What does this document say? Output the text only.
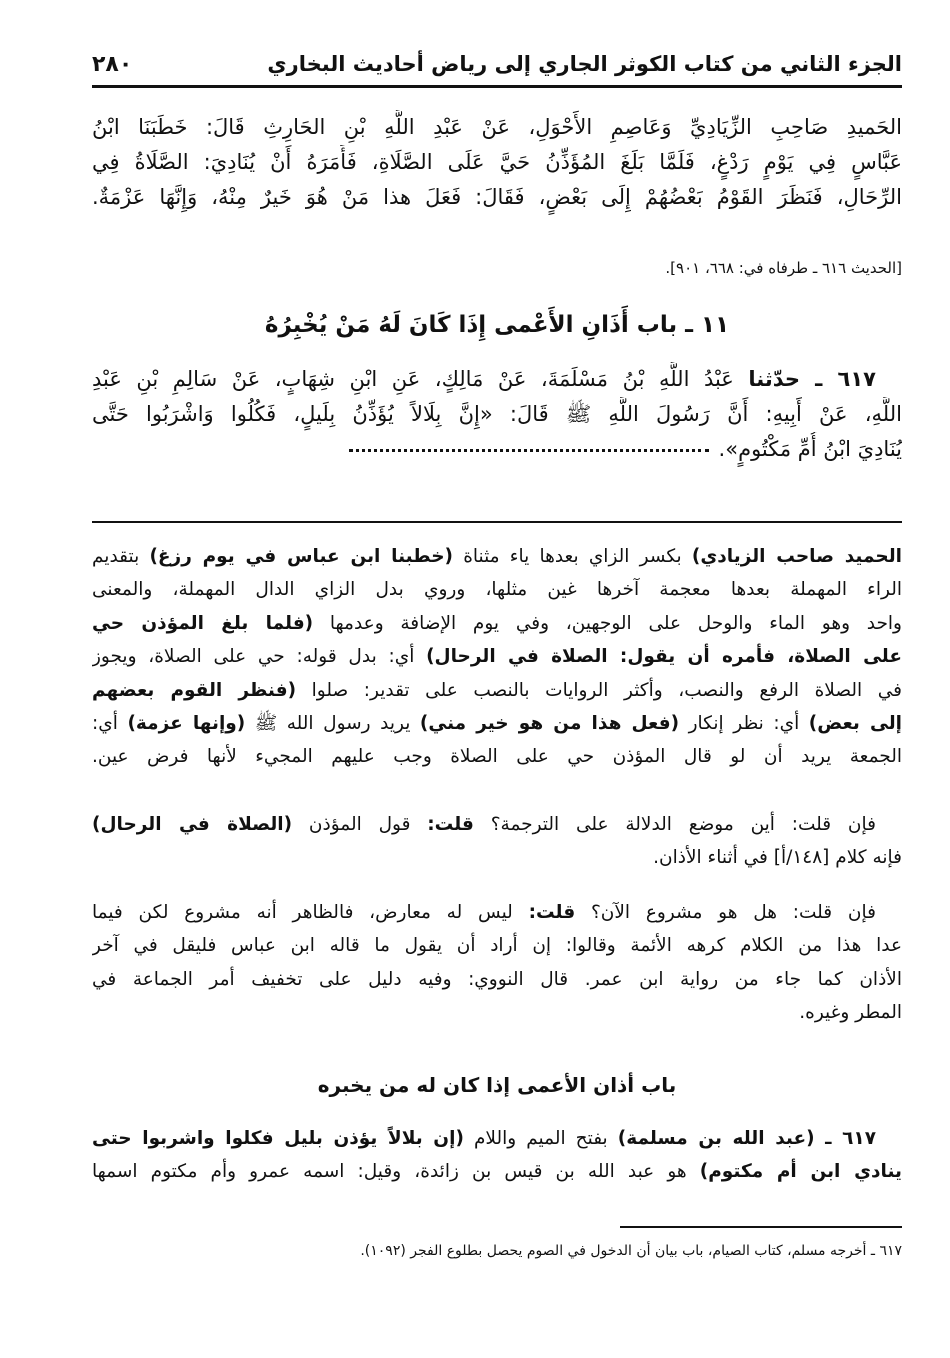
الجزء الثاني من كتاب الكوثر الجاري إلى رياض أحاديث البخاري
٢٨٠
الحَميدِ صَاحِبِ الزِّيَادِيِّ وَعَاصِمِ الأَحْوَلِ، عَنْ عَبْدِ اللَّهِ بْنِ الحَارِثِ قَالَ: خَطَبَنَا ابْنُ
عَبَّاسٍ فِي يَوْمٍ رَدْغٍ، فَلَمَّا بَلَغَ المُؤَذِّنُ حَيَّ عَلَى الصَّلَاةِ، فَأَمَرَهُ أَنْ يُنَادِيَ: الصَّلَاةُ فِي
الرِّحَالِ، فَنَظَرَ القَوْمُ بَعْضُهُمْ إِلَى بَعْضٍ، فَقَالَ: فَعَلَ هذا مَنْ هُوَ خَيرٌ مِنْهُ، وَإِنَّهَا عَزْمَةٌ.
[الحديث ٦١٦ ـ طرفاه في: ٦٦٨، ٩٠١].
١١ ـ باب أَذَانِ الأَعْمى إِذَا كَانَ لَهُ مَنْ يُخْبِرُهُ
٦١٧ ـ حدّثنا عَبْدُ اللَّهِ بْنُ مَسْلَمَةَ، عَنْ مَالِكٍ، عَنِ ابْنِ شِهَابٍ، عَنْ سَالِمِ بْنِ عَبْدِ
اللَّهِ، عَنْ أَبِيهِ: أَنَّ رَسُولَ اللَّهِ ﷺ قَالَ: «إِنَّ بِلَالاً يُؤَذِّنُ بِلَيلٍ، فَكُلُوا وَاشْرَبُوا حَتَّى
يُنَادِيَ ابْنُ أُمِّ مَكْتُومٍ».
الحميد صاحب الزيادي) بكسر الزاي بعدها ياء مثناة (خطبنا ابن عباس في يوم رزغ) بتقديم
الراء المهملة بعدها معجمة آخرها غين مثلها، وروي بدل الزاي الدال المهملة، والمعنى
واحد وهو الماء والوحل على الوجهين، وفي يوم الإضافة وعدمها (فلما بلغ المؤذن حي
على الصلاة، فأمره أن يقول: الصلاة في الرحال) أي: بدل قوله: حي على الصلاة، ويجوز
في الصلاة الرفع والنصب، وأكثر الروايات بالنصب على تقدير: صلوا (فنظر القوم بعضهم
إلى بعض) أي: نظر إنكار (فعل هذا من هو خير مني) يريد رسول الله ﷺ (وإنها عزمة) أي:
الجمعة يريد أن لو قال المؤذن حي على الصلاة وجب عليهم المجيء لأنها فرض عين.
فإن قلت: أين موضع الدلالة على الترجمة؟ قلت: قول المؤذن (الصلاة في الرحال)
فإنه كلام [١٤٨/أ] في أثناء الأذان.
فإن قلت: هل هو مشروع الآن؟ قلت: ليس له معارض، فالظاهر أنه مشروع لكن فيما
عدا هذا من الكلام كرهه الأئمة وقالوا: إن أراد أن يقول ما قاله ابن عباس فليقل في آخر
الأذان كما جاء من رواية ابن عمر. قال النووي: وفيه دليل على تخفيف أمر الجماعة في
المطر وغيره.
باب أذان الأعمى إذا كان له من يخبره
٦١٧ ـ (عبد الله بن مسلمة) بفتح الميم واللام (إن بلالاً يؤذن بليل فكلوا واشربوا حتى
ينادي ابن أم مكتوم) هو عبد الله بن قيس بن زائدة، وقيل: اسمه عمرو وأم مكتوم اسمها
٦١٧ ـ أخرجه مسلم، كتاب الصيام، باب بيان أن الدخول في الصوم يحصل بطلوع الفجر (١٠٩٢).
